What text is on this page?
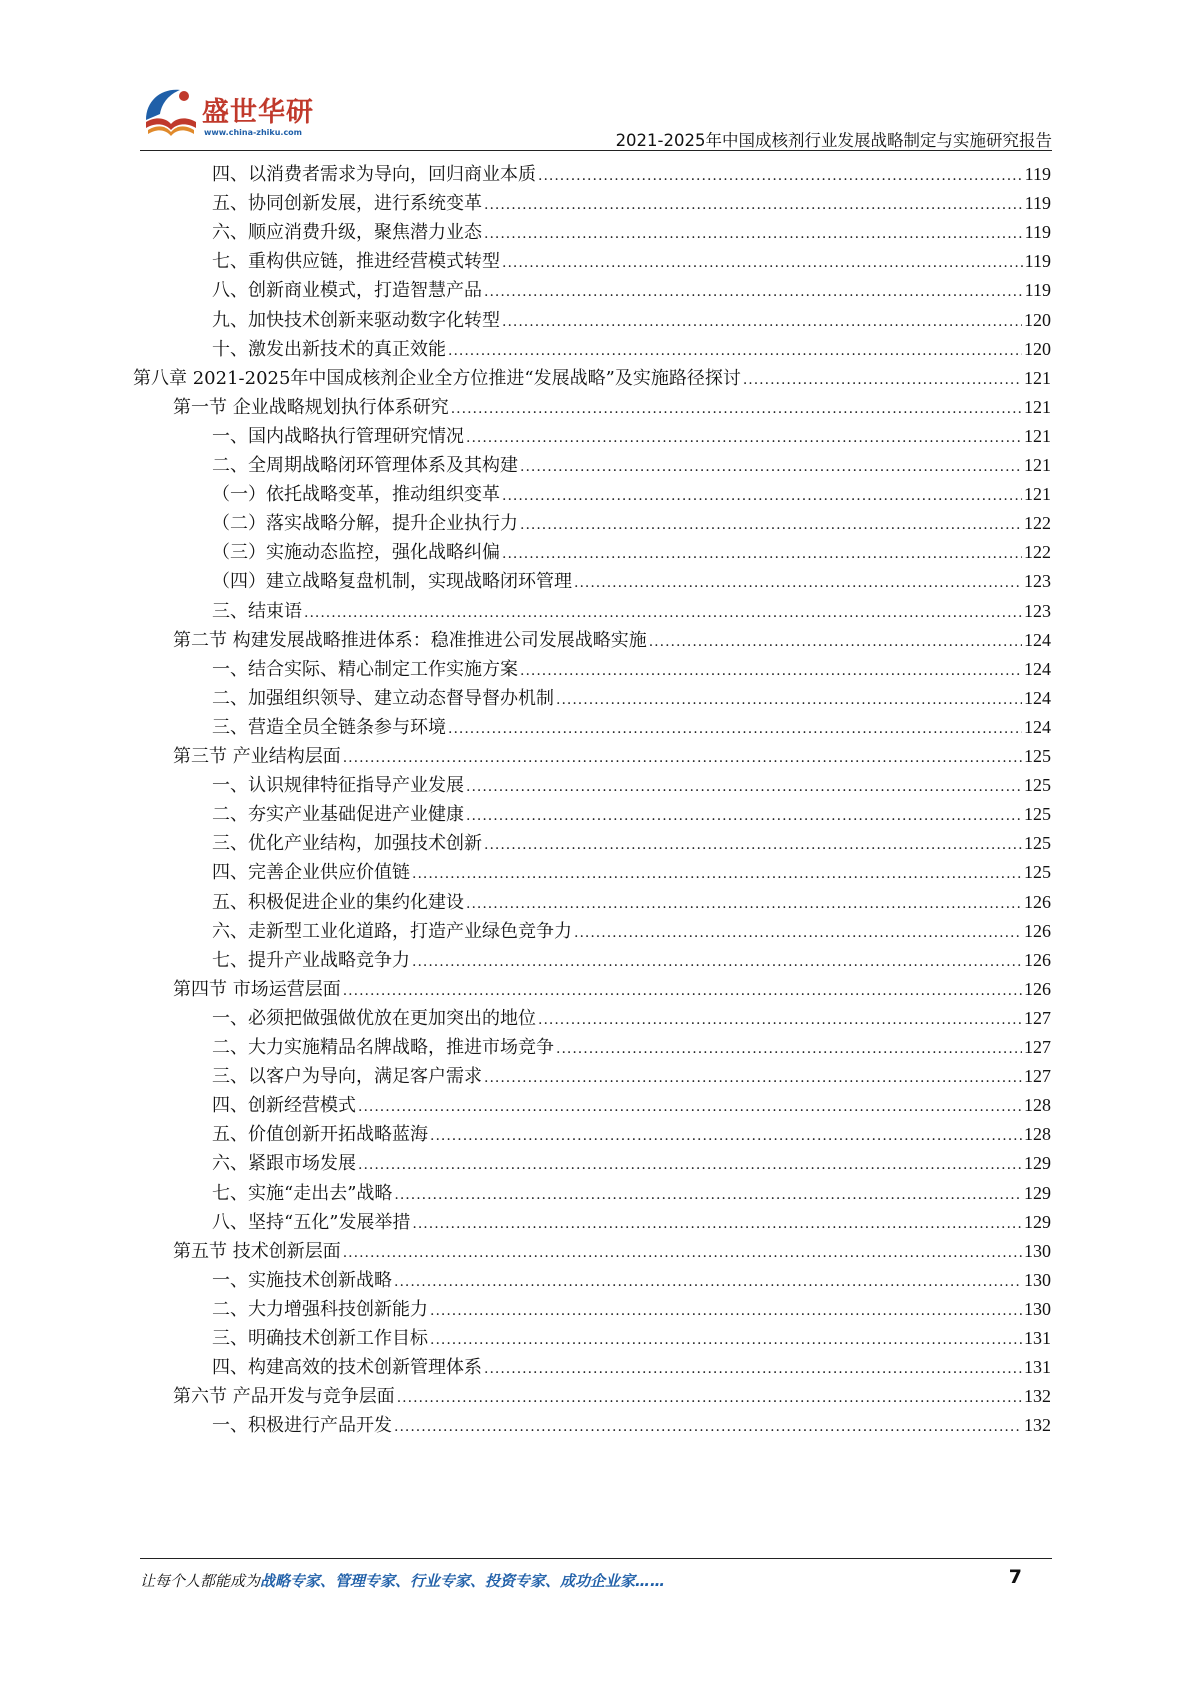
盛世华研
www.china-zhiku.com	2021-2025年中国成核剂行业发展战略制定与实施研究报告
四、以消费者需求为导向，回归商业本质 .....	119
五、协同创新发展，进行系统变革 .....	119
六、顺应消费升级，聚焦潜力业态 .....	119
七、重构供应链，推进经营模式转型 .....	119
八、创新商业模式，打造智慧产品 .....	119
九、加快技术创新来驱动数字化转型 .....	120
十、激发出新技术的真正效能 .....	120
第八章 2021-2025年中国成核剂企业全方位推进“发展战略”及实施路径探讨 .....	121
第一节 企业战略规划执行体系研究 .....	121
一、国内战略执行管理研究情况 .....	121
二、全周期战略闭环管理体系及其构建 .....	121
（一）依托战略变革，推动组织变革 .....	121
（二）落实战略分解，提升企业执行力 .....	122
（三）实施动态监控，强化战略纠偏 .....	122
（四）建立战略复盘机制，实现战略闭环管理 .....	123
三、结束语 .....	123
第二节 构建发展战略推进体系：稳准推进公司发展战略实施 .....	124
一、结合实际、精心制定工作实施方案 .....	124
二、加强组织领导、建立动态督导督办机制 .....	124
三、营造全员全链条参与环境 .....	124
第三节 产业结构层面 .....	125
一、认识规律特征指导产业发展 .....	125
二、夯实产业基础促进产业健康 .....	125
三、优化产业结构，加强技术创新 .....	125
四、完善企业供应价值链 .....	125
五、积极促进企业的集约化建设 .....	126
六、走新型工业化道路，打造产业绿色竞争力 .....	126
七、提升产业战略竞争力 .....	126
第四节 市场运营层面 .....	126
一、必须把做强做优放在更加突出的地位 .....	127
二、大力实施精品名牌战略，推进市场竞争 .....	127
三、以客户为导向，满足客户需求 .....	127
四、创新经营模式 .....	128
五、价值创新开拓战略蓝海 .....	128
六、紧跟市场发展 .....	129
七、实施“走出去”战略 .....	129
八、坚持“五化”发展举措 .....	129
第五节 技术创新层面 .....	130
一、实施技术创新战略 .....	130
二、大力增强科技创新能力 .....	130
三、明确技术创新工作目标 .....	131
四、构建高效的技术创新管理体系 .....	131
第六节 产品开发与竞争层面 .....	132
一、积极进行产品开发 .....	132
让每个人都能成为战略专家、管理专家、行业专家、投资专家、成功企业家……	7
